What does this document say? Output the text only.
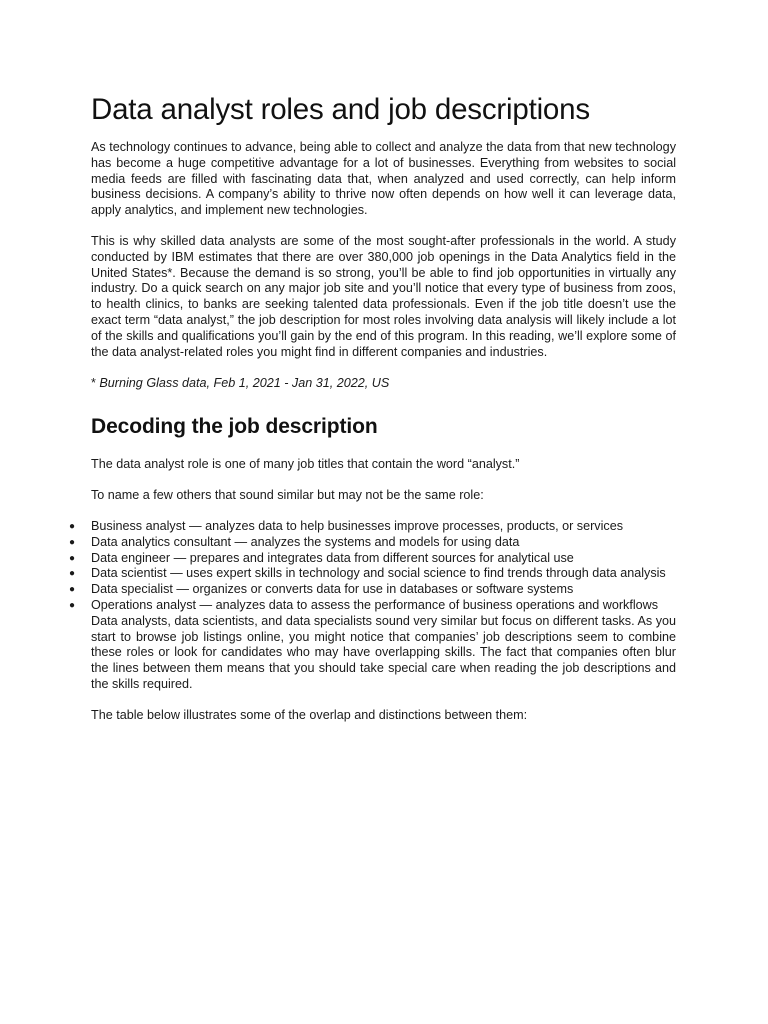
Data analyst roles and job descriptions

As technology continues to advance, being able to collect and analyze the data from that new technology has become a huge competitive advantage for a lot of businesses. Everything from websites to social media feeds are filled with fascinating data that, when analyzed and used correctly, can help inform business decisions. A company’s ability to thrive now often depends on how well it can leverage data, apply analytics, and implement new technologies.

This is why skilled data analysts are some of the most sought-after professionals in the world. A study conducted by IBM estimates that there are over 380,000 job openings in the Data Analytics field in the United States*. Because the demand is so strong, you’ll be able to find job opportunities in virtually any industry. Do a quick search on any major job site and you’ll notice that every type of business from zoos, to health clinics, to banks are seeking talented data professionals. Even if the job title doesn’t use the exact term “data analyst,” the job description for most roles involving data analysis will likely include a lot of the skills and qualifications you’ll gain by the end of this program. In this reading, we’ll explore some of the data analyst-related roles you might find in different companies and industries.

* Burning Glass data, Feb 1, 2021 - Jan 31, 2022, US
Decoding the job description

The data analyst role is one of many job titles that contain the word “analyst.”

To name a few others that sound similar but may not be the same role:

● Business analyst — analyzes data to help businesses improve processes, products, or services
● Data analytics consultant — analyzes the systems and models for using data
● Data engineer — prepares and integrates data from different sources for analytical use
● Data scientist — uses expert skills in technology and social science to find trends through data analysis
● Data specialist — organizes or converts data for use in databases or software systems
● Operations analyst — analyzes data to assess the performance of business operations and workflows

Data analysts, data scientists, and data specialists sound very similar but focus on different tasks. As you start to browse job listings online, you might notice that companies’ job descriptions seem to combine these roles or look for candidates who may have overlapping skills. The fact that companies often blur the lines between them means that you should take special care when reading the job descriptions and the skills required.

The table below illustrates some of the overlap and distinctions between them:
